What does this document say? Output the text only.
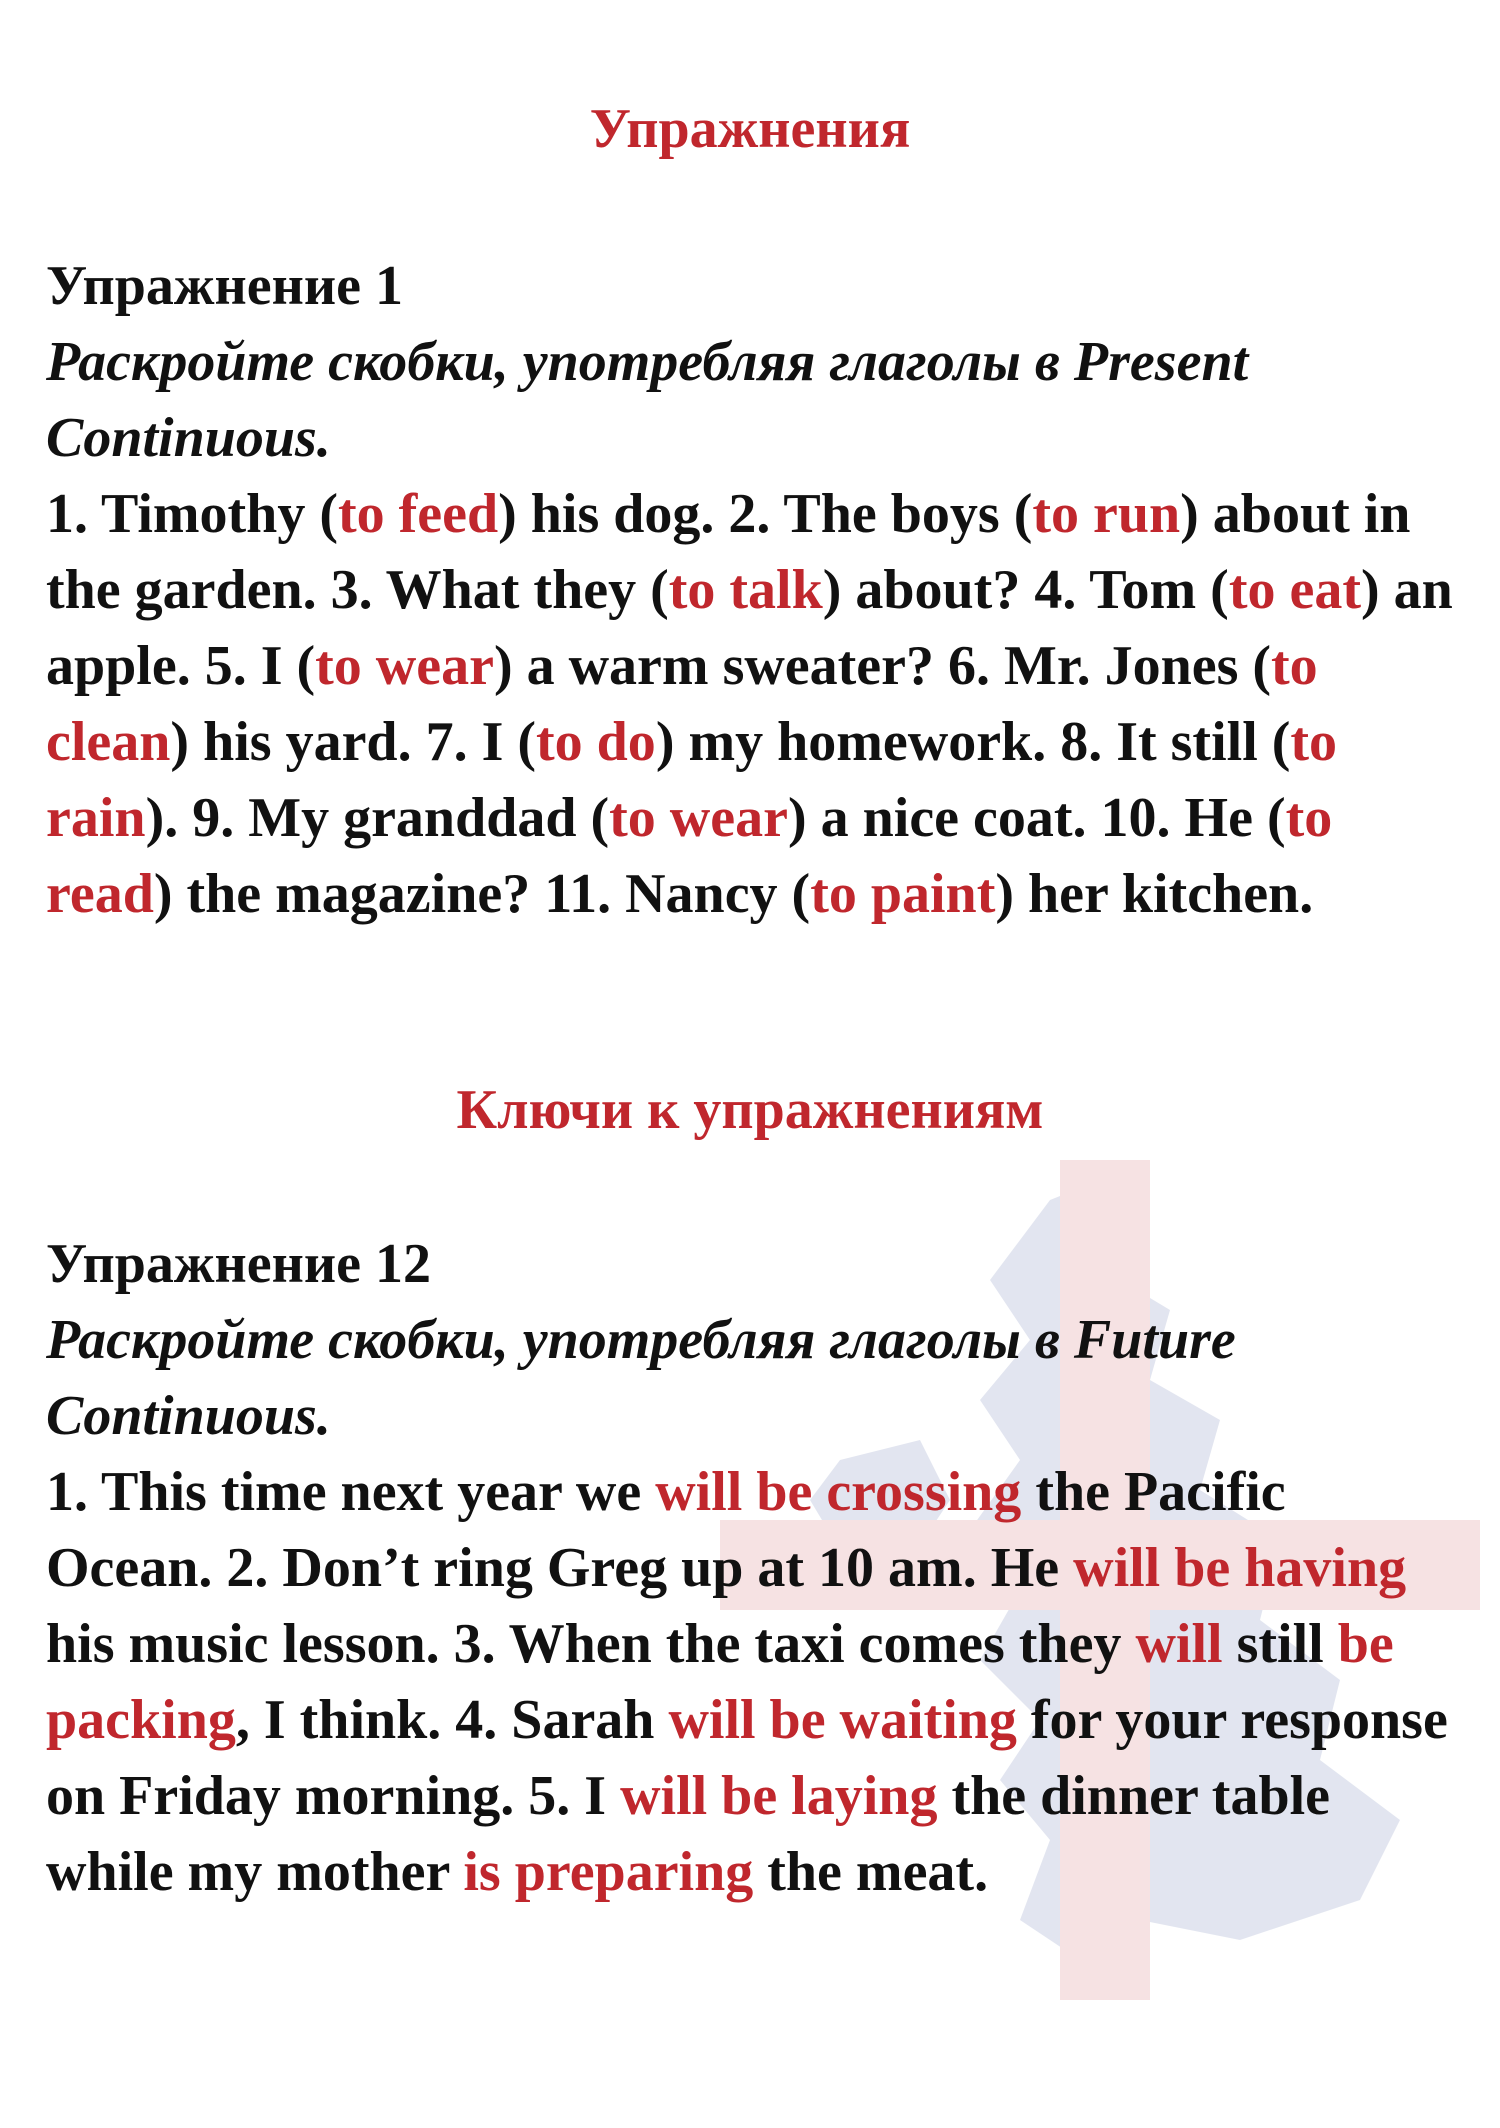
Упражнения

Упражнение 1

Раскройте скобки, употребляя глаголы в Present Continuous.

1. Timothy (to feed) his dog. 2. The boys (to run) about in the garden. 3. What they (to talk) about? 4. Tom (to eat) an apple. 5. I (to wear) a warm sweater? 6. Mr. Jones (to clean) his yard. 7. I (to do) my homework. 8. It still (to rain). 9. My granddad (to wear) a nice coat. 10. He (to read) the magazine? 11. Nancy (to paint) her kitchen.

Ключи к упражнениям

Упражнение 12

Раскройте скобки, употребляя глаголы в Future Continuous.

1. This time next year we will be crossing the Pacific Ocean. 2. Don’t ring Greg up at 10 am. He will be having his music lesson. 3. When the taxi comes they will still be packing, I think. 4. Sarah will be waiting for your response on Friday morning. 5. I will be laying the dinner table while my mother is preparing the meat.
